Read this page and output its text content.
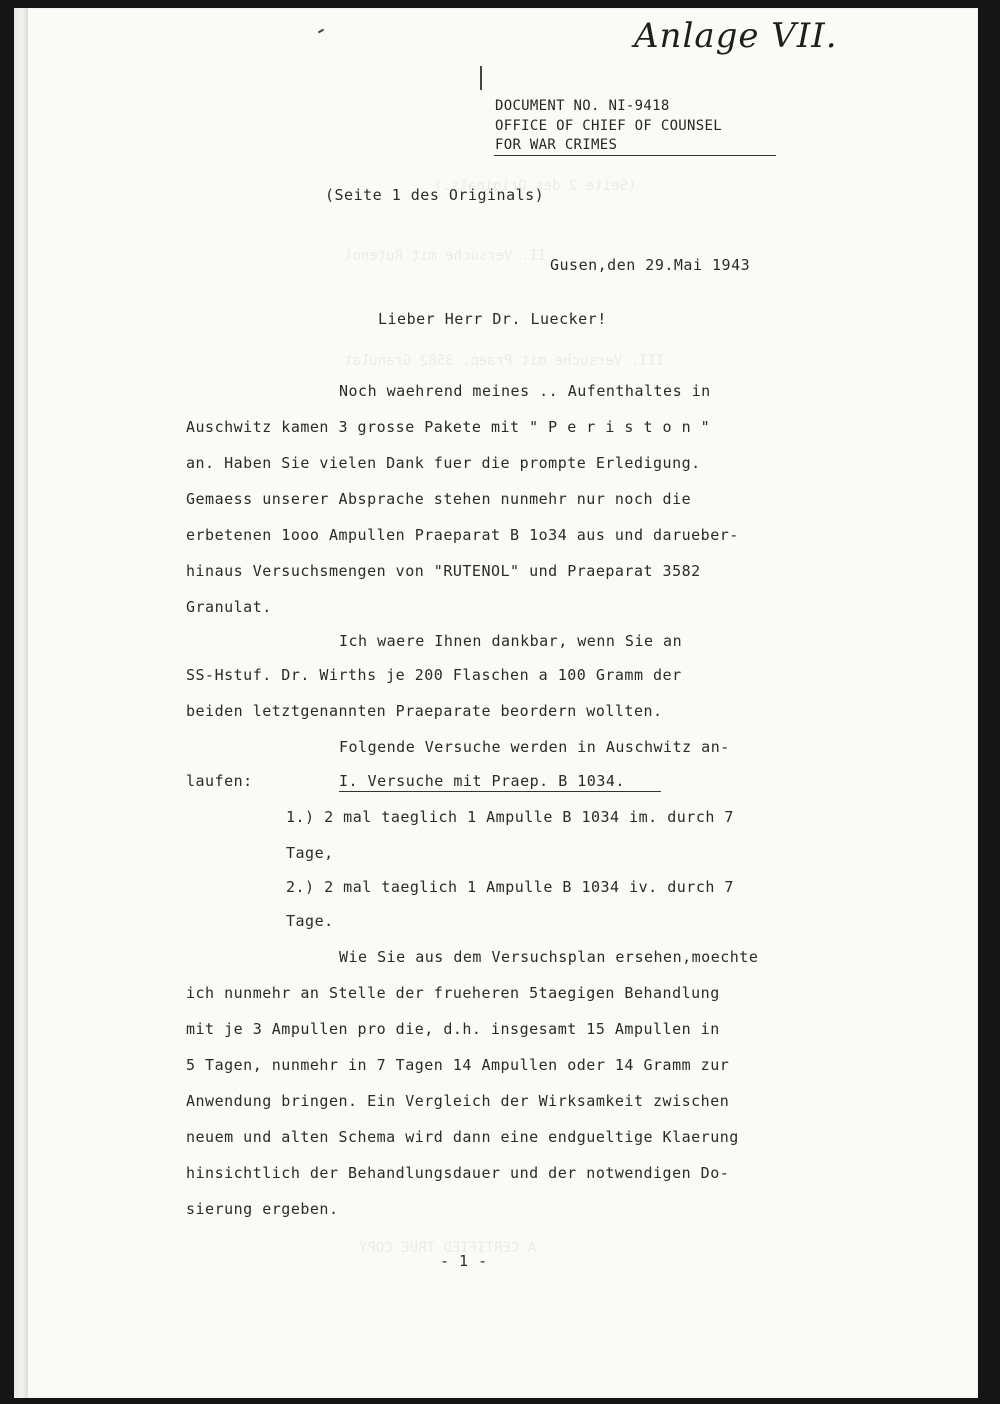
(Seite 2 des Originals.)
II. Versuche mit Rutenol
III. Versuche mit Praep. 3582 Granulat
A CERTIFIED TRUE COPY
Anlage VII.
DOCUMENT NO. NI-9418
OFFICE OF CHIEF OF COUNSEL
FOR WAR CRIMES
(Seite 1 des Originals)
Gusen,den 29.Mai 1943
Lieber Herr Dr. Luecker!
Noch waehrend meines .. Aufenthaltes in
Auschwitz kamen 3 grosse Pakete mit " P e r i s t o n "
an. Haben Sie vielen Dank fuer die prompte Erledigung.
Gemaess unserer Absprache stehen nunmehr nur noch die
erbetenen 1ooo Ampullen Praeparat B 1o34 aus und darueber-
hinaus Versuchsmengen von "RUTENOL" und Praeparat 3582
Granulat.
Ich waere Ihnen dankbar, wenn Sie an
SS-Hstuf. Dr. Wirths je 200 Flaschen a 100 Gramm der
beiden letztgenannten Praeparate beordern wollten.
Folgende Versuche werden in Auschwitz an-
laufen:	I. Versuche mit Praep. B 1034.
1.) 2 mal taeglich 1 Ampulle B 1034 im. durch 7
Tage,
2.) 2 mal taeglich 1 Ampulle B 1034 iv. durch 7
Tage.
Wie Sie aus dem Versuchsplan ersehen,moechte
ich nunmehr an Stelle der frueheren 5taegigen Behandlung
mit je 3 Ampullen pro die, d.h. insgesamt 15 Ampullen in
5 Tagen, nunmehr in 7 Tagen 14 Ampullen oder 14 Gramm zur
Anwendung bringen. Ein Vergleich der Wirksamkeit zwischen
neuem und alten Schema wird dann eine endgueltige Klaerung
hinsichtlich der Behandlungsdauer und der notwendigen Do-
sierung ergeben.
- 1 -
